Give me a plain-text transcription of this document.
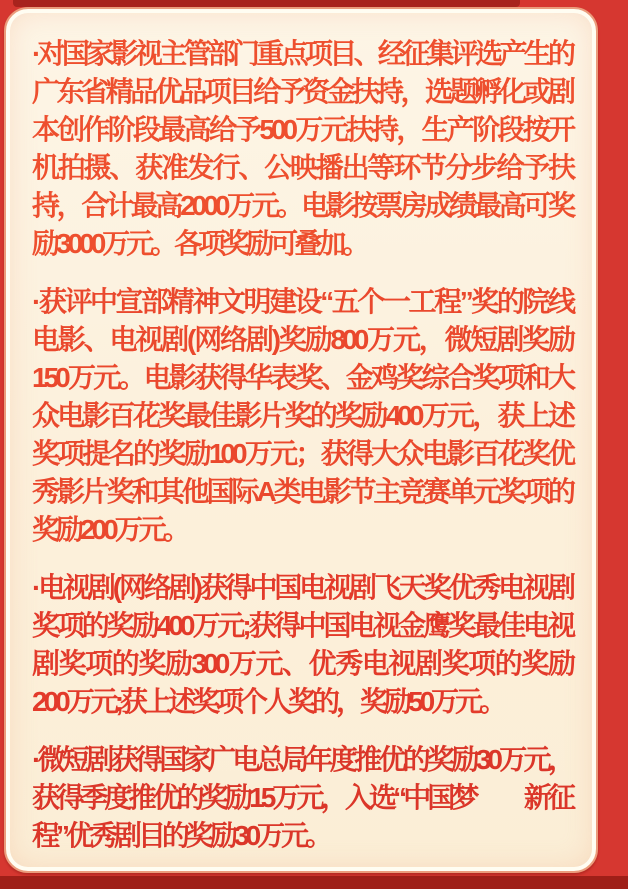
·对国家影视主管部门重点项目、经征集评选产生的
广东省精品优品项目给予资金扶持，选题孵化或剧
本创作阶段最高给予500万元扶持，生产阶段按开
机拍摄、获准发行、公映播出等环节分步给予扶
持，合计最高2000万元。电影按票房成绩最高可奖
励3000万元。各项奖励可叠加。
·获评中宣部精神文明建设“五个一工程”奖的院线
电影、电视剧(网络剧)奖励800万元，微短剧奖励
150万元。电影获得华表奖、金鸡奖综合奖项和大
众电影百花奖最佳影片奖的奖励400万元，获上述
奖项提名的奖励100万元；获得大众电影百花奖优
秀影片奖和其他国际A类电影节主竞赛单元奖项的
奖励200万元。
·电视剧(网络剧)获得中国电视剧飞天奖优秀电视剧
奖项的奖励400万元;获得中国电视金鹰奖最佳电视
剧奖项的奖励300万元、优秀电视剧奖项的奖励
200万元;获上述奖项个人奖的，奖励50万元。
·微短剧获得国家广电总局年度推优的奖励30万元，
获得季度推优的奖励15万元，入选“中国梦　　新征
程”优秀剧目的奖励30万元。
